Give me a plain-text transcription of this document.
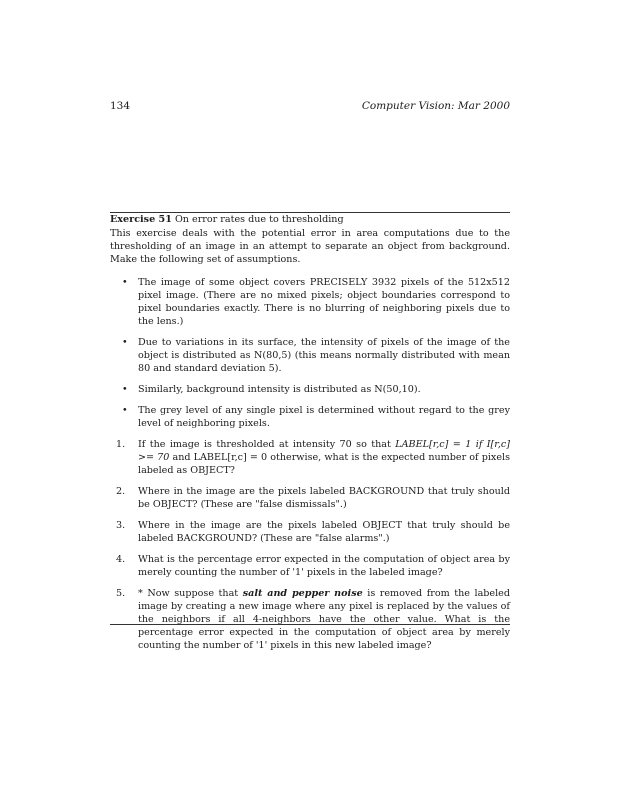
134	Computer Vision: Mar 2000

Exercise 51 On error rates due to thresholding

This exercise deals with the potential error in area computations due to the thresholding of an image in an attempt to separate an object from background. Make the following set of assumptions.

• The image of some object covers PRECISELY 3932 pixels of the 512x512 pixel image. (There are no mixed pixels; object boundaries correspond to pixel boundaries exactly. There is no blurring of neighboring pixels due to the lens.)
• Due to variations in its surface, the intensity of pixels of the image of the object is distributed as N(80,5) (this means normally distributed with mean 80 and standard deviation 5).
• Similarly, background intensity is distributed as N(50,10).
• The grey level of any single pixel is determined without regard to the grey level of neighboring pixels.
1. If the image is thresholded at intensity 70 so that LABEL[r,c] = 1 if I[r,c] >= 70 and LABEL[r,c] = 0 otherwise, what is the expected number of pixels labeled as OBJECT?
2. Where in the image are the pixels labeled BACKGROUND that truly should be OBJECT? (These are "false dismissals".)
3. Where in the image are the pixels labeled OBJECT that truly should be labeled BACKGROUND? (These are "false alarms".)
4. What is the percentage error expected in the computation of object area by merely counting the number of '1' pixels in the labeled image?
5. * Now suppose that salt and pepper noise is removed from the labeled image by creating a new image where any pixel is replaced by the values of the neighbors if all 4-neighbors have the other value. What is the percentage error expected in the computation of object area by merely counting the number of '1' pixels in this new labeled image?
